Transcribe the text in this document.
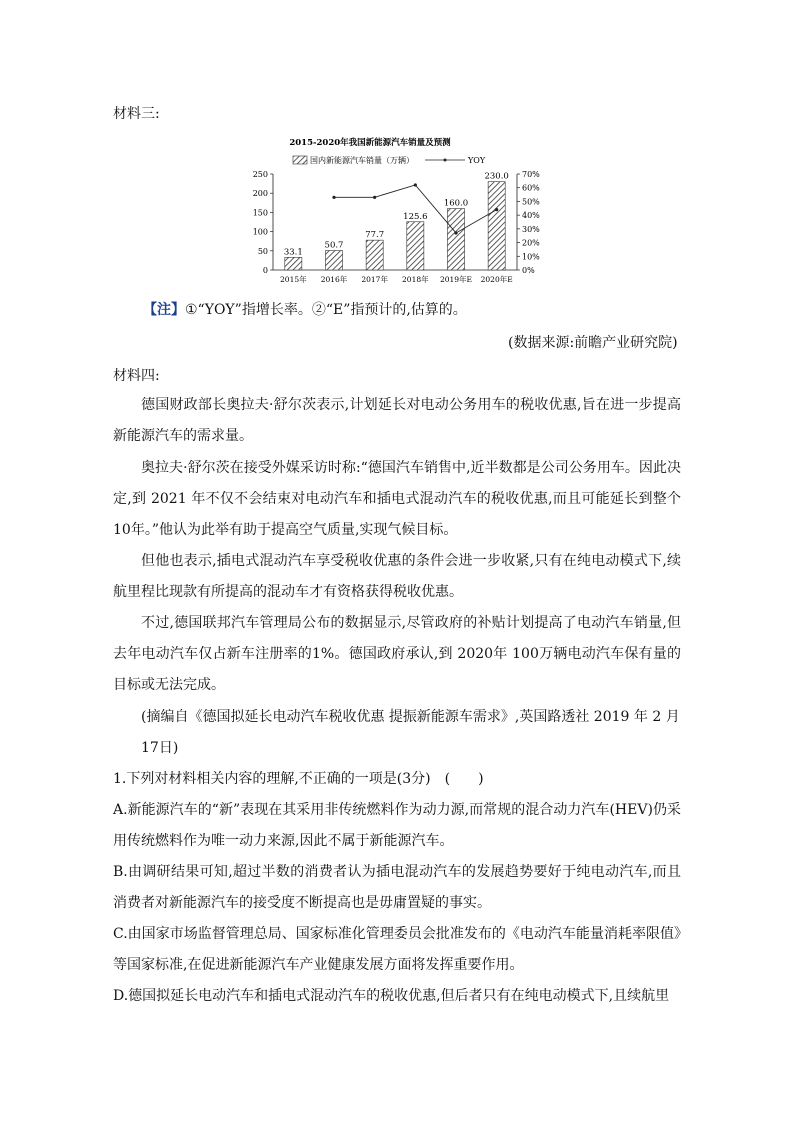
材料三:
2015-2020年我国新能源汽车销量及预测
国内新能源汽车销量（万辆）	YOY
0
50
100
150
200
250
0%
10%
20%
30%
40%
50%
60%
70%
33.1
2015年
50.7
2016年
77.7
2017年
125.6
2018年
160.0
2019年E
230.0
2020年E
【注】①“YOY”指增长率。②“E”指预计的,估算的。
(数据来源:前瞻产业研究院)
材料四:
德国财政部长奥拉夫·舒尔茨表示,计划延长对电动公务用车的税收优惠,旨在进一步提高新能源汽车的需求量。
奥拉夫·舒尔茨在接受外媒采访时称:“德国汽车销售中,近半数都是公司公务用车。因此决定,到 2021 年不仅不会结束对电动汽车和插电式混动汽车的税收优惠,而且可能延长到整个 10年。”他认为此举有助于提高空气质量,实现气候目标。
但他也表示,插电式混动汽车享受税收优惠的条件会进一步收紧,只有在纯电动模式下,续航里程比现款有所提高的混动车才有资格获得税收优惠。
不过,德国联邦汽车管理局公布的数据显示,尽管政府的补贴计划提高了电动汽车销量,但去年电动汽车仅占新车注册率的1%。德国政府承认,到 2020年 100万辆电动汽车保有量的目标或无法完成。
(摘编自《德国拟延长电动汽车税收优惠 提振新能源车需求》,英国路透社 2019 年 2 月17日)
1.下列对材料相关内容的理解,不正确的一项是(3分)　(　　)
A.新能源汽车的“新”表现在其采用非传统燃料作为动力源,而常规的混合动力汽车(HEV)仍采用传统燃料作为唯一动力来源,因此不属于新能源汽车。
B.由调研结果可知,超过半数的消费者认为插电混动汽车的发展趋势要好于纯电动汽车,而且消费者对新能源汽车的接受度不断提高也是毋庸置疑的事实。
C.由国家市场监督管理总局、国家标准化管理委员会批准发布的《电动汽车能量消耗率限值》等国家标准,在促进新能源汽车产业健康发展方面将发挥重要作用。
D.德国拟延长电动汽车和插电式混动汽车的税收优惠,但后者只有在纯电动模式下,且续航里
